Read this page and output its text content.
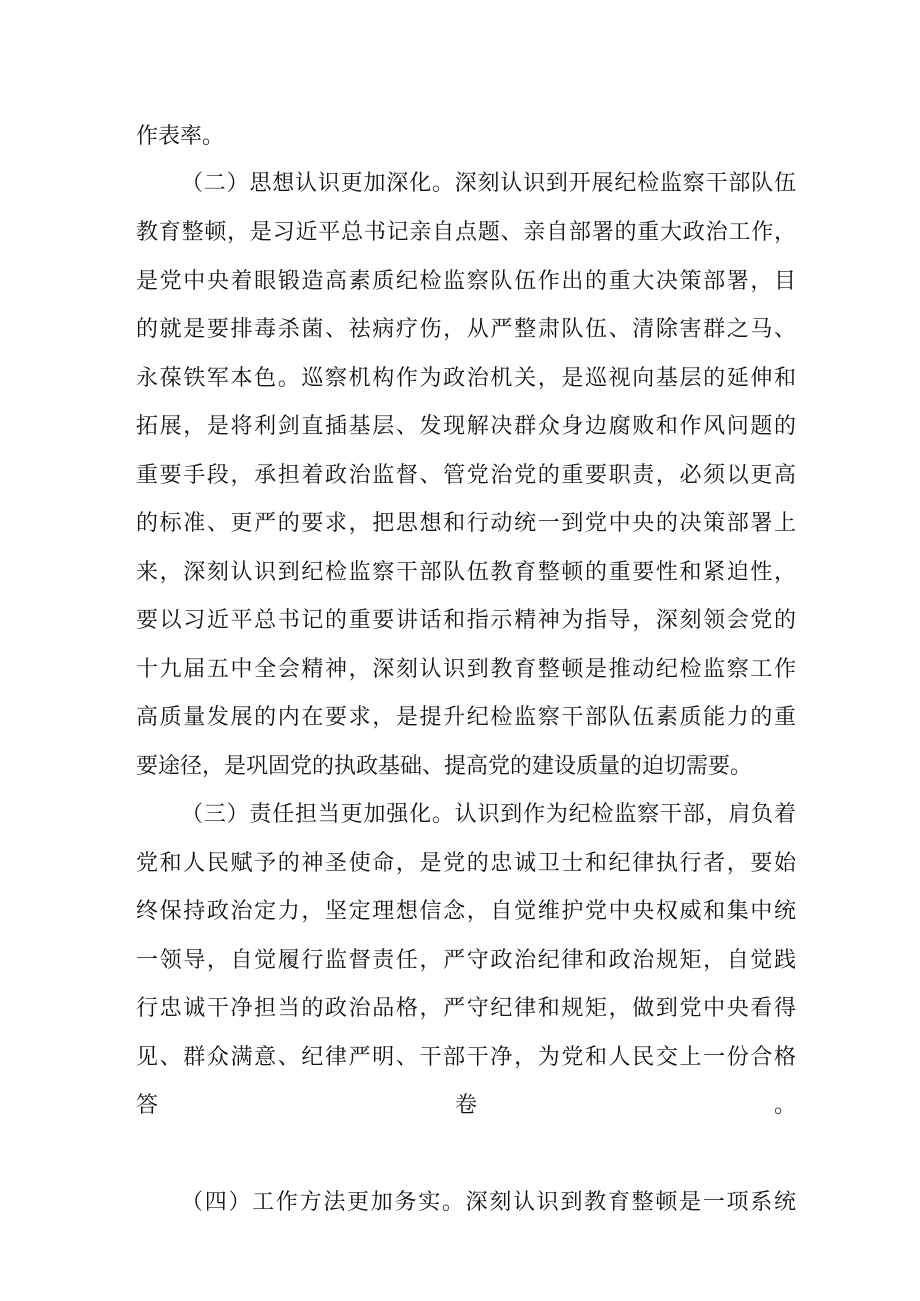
作表率。
（二）思想认识更加深化。深刻认识到开展纪检监察干部队伍
教育整顿，是习近平总书记亲自点题、亲自部署的重大政治工作，
是党中央着眼锻造高素质纪检监察队伍作出的重大决策部署，目
的就是要排毒杀菌、祛病疗伤，从严整肃队伍、清除害群之马、
永葆铁军本色。巡察机构作为政治机关，是巡视向基层的延伸和
拓展，是将利剑直插基层、发现解决群众身边腐败和作风问题的
重要手段，承担着政治监督、管党治党的重要职责，必须以更高
的标准、更严的要求，把思想和行动统一到党中央的决策部署上
来，深刻认识到纪检监察干部队伍教育整顿的重要性和紧迫性，
要以习近平总书记的重要讲话和指示精神为指导，深刻领会党的
十九届五中全会精神，深刻认识到教育整顿是推动纪检监察工作
高质量发展的内在要求，是提升纪检监察干部队伍素质能力的重
要途径，是巩固党的执政基础、提高党的建设质量的迫切需要。
（三）责任担当更加强化。认识到作为纪检监察干部，肩负着
党和人民赋予的神圣使命，是党的忠诚卫士和纪律执行者，要始
终保持政治定力，坚定理想信念，自觉维护党中央权威和集中统
一领导，自觉履行监督责任，严守政治纪律和政治规矩，自觉践
行忠诚干净担当的政治品格，严守纪律和规矩，做到党中央看得
见、群众满意、纪律严明、干部干净，为党和人民交上一份合格
答卷。
（四）工作方法更加务实。深刻认识到教育整顿是一项系统
